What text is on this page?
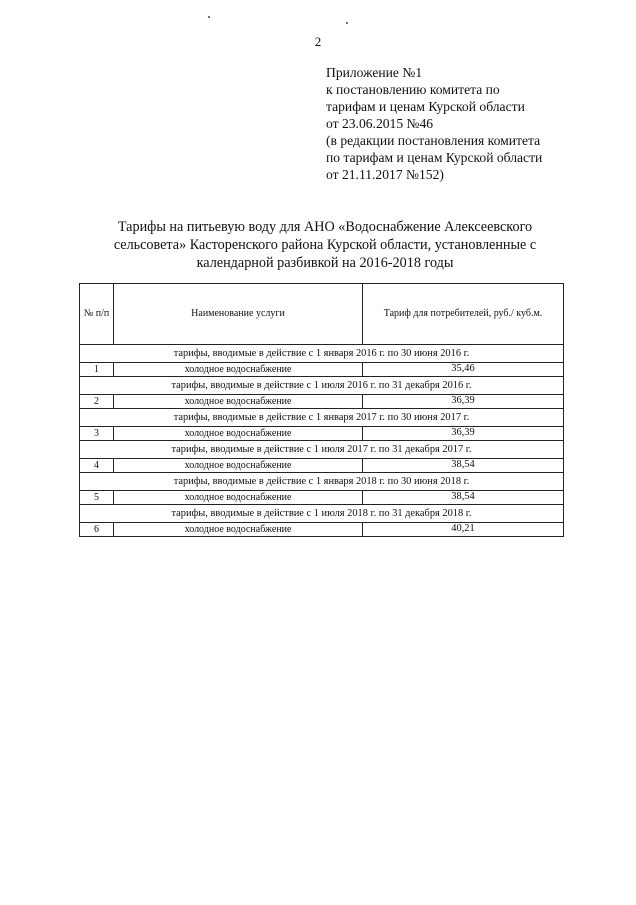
2
Приложение №1
к постановлению комитета по
тарифам и ценам Курской области
от 23.06.2015 №46
(в редакции постановления комитета
по тарифам и ценам Курской области
от 21.11.2017 №152)
Тарифы на питьевую воду для АНО «Водоснабжение Алексеевского
сельсовета» Касторенского района Курской области, установленные с
календарной разбивкой на 2016-2018 годы
№ п/п	Наименование услуги	Тариф для потребителей, руб./ куб.м.
тарифы, вводимые в действие с 1 января 2016 г. по 30 июня 2016 г.		
1	холодное водоснабжение	35,46
тарифы, вводимые в действие с 1 июля 2016 г. по 31 декабря 2016 г.		
2	холодное водоснабжение	36,39
тарифы, вводимые в действие с 1 января 2017 г. по 30 июня 2017 г.		
3	холодное водоснабжение	36,39
тарифы, вводимые в действие с 1 июля 2017 г. по 31 декабря 2017 г.		
4	холодное водоснабжение	38,54
тарифы, вводимые в действие с 1 января 2018 г. по 30 июня 2018 г.		
5	холодное водоснабжение	38,54
тарифы, вводимые в действие с 1 июля 2018 г. по 31 декабря 2018 г.		
6	холодное водоснабжение	40,21
